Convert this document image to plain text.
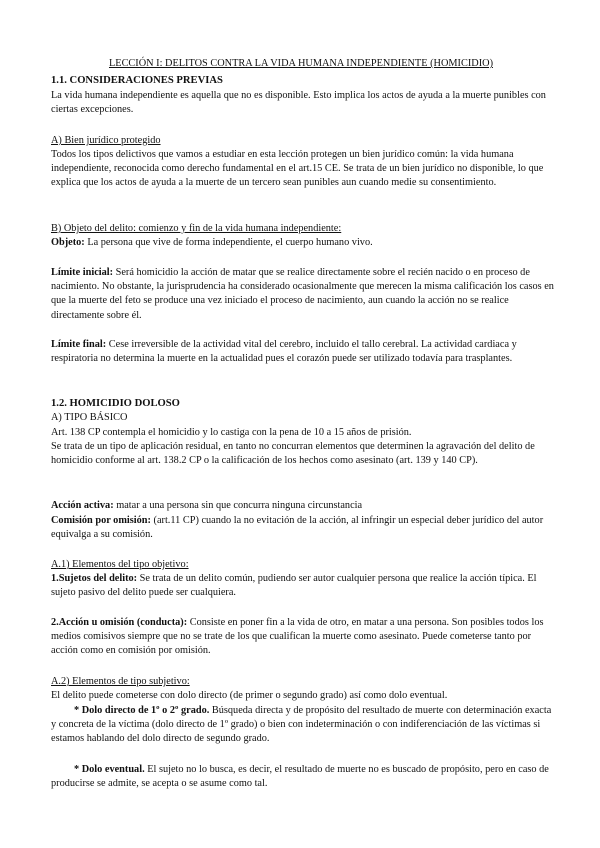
LECCIÓN I: DELITOS CONTRA LA VIDA HUMANA INDEPENDIENTE (HOMICIDIO)

1.1. CONSIDERACIONES PREVIAS

La vida humana independiente es aquella que no es disponible. Esto implica los actos de ayuda a la muerte punibles con ciertas excepciones.

A) Bien jurídico protegido

Todos los tipos delictivos que vamos a estudiar en esta lección protegen un bien jurídico común: la vida humana independiente, reconocida como derecho fundamental en el art.15 CE. Se trata de un bien jurídico no disponible, lo que explica que los actos de ayuda a la muerte de un tercero sean punibles aun cuando medie su consentimiento.

B) Objeto del delito: comienzo y fin de la vida humana independiente:

Objeto: La persona que vive de forma independiente, el cuerpo humano vivo.

Límite inicial: Será homicidio la acción de matar que se realice directamente sobre el recién nacido o en proceso de nacimiento. No obstante, la jurisprudencia ha considerado ocasionalmente que merecen la misma calificación los casos en que la muerte del feto se produce una vez iniciado el proceso de nacimiento, aun cuando la acción no se realice directamente sobre él.

Límite final: Cese irreversible de la actividad vital del cerebro, incluido el tallo cerebral. La actividad cardiaca y respiratoria no determina la muerte en la actualidad pues el corazón puede ser utilizado todavía para trasplantes.

1.2. HOMICIDIO DOLOSO

A) TIPO BÁSICO

Art. 138 CP contempla el homicidio y lo castiga con la pena de 10 a 15 años de prisión.

Se trata de un tipo de aplicación residual, en tanto no concurran elementos que determinen la agravación del delito de homicidio conforme al art. 138.2 CP o la calificación de los hechos como asesinato (art. 139 y 140 CP).

Acción activa: matar a una persona sin que concurra ninguna circunstancia

Comisión por omisión: (art.11 CP) cuando la no evitación de la acción, al infringir un especial deber jurídico del autor equivalga a su comisión.

A.1) Elementos del tipo objetivo:

1.Sujetos del delito: Se trata de un delito común, pudiendo ser autor cualquier persona que realice la acción típica. El sujeto pasivo del delito puede ser cualquiera.

2.Acción u omisión (conducta): Consiste en poner fin a la vida de otro, en matar a una persona. Son posibles todos los medios comisivos siempre que no se trate de los que cualifican la muerte como asesinato. Puede cometerse tanto por acción como en comisión por omisión.

A.2) Elementos de tipo subjetivo:

El delito puede cometerse con dolo directo (de primer o segundo grado) así como dolo eventual.

* Dolo directo de 1º o 2º grado. Búsqueda directa y de propósito del resultado de muerte con determinación exacta y concreta de la víctima (dolo directo de 1º grado) o bien con indeterminación o con indiferenciación de las víctimas si estamos hablando del dolo directo de segundo grado.

* Dolo eventual. El sujeto no lo busca, es decir, el resultado de muerte no es buscado de propósito, pero en caso de producirse se admite, se acepta o se asume como tal.
